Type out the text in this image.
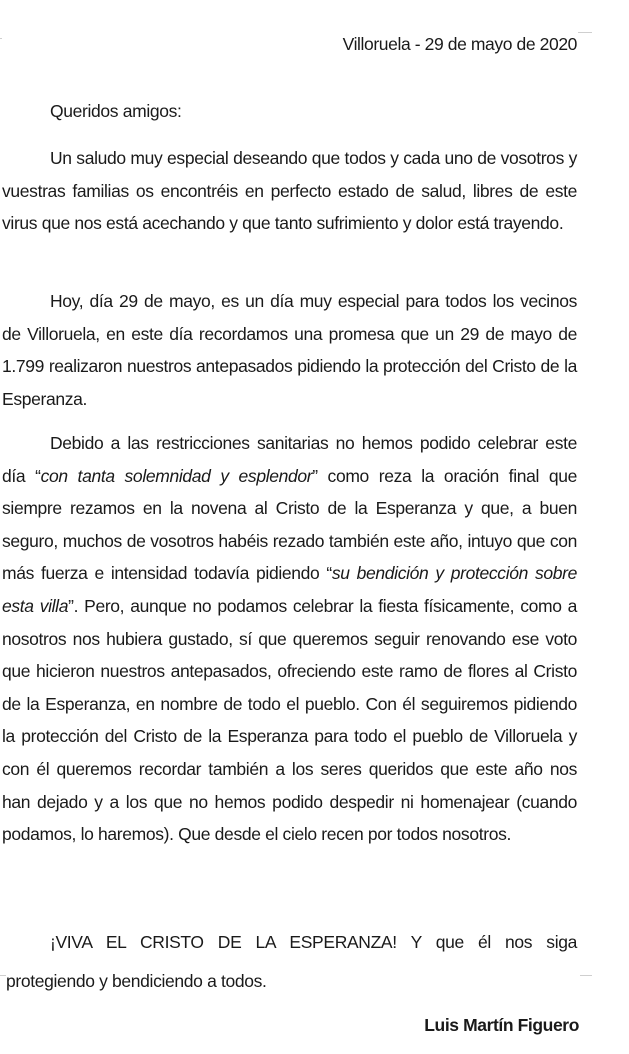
Villoruela - 29 de mayo de 2020
Queridos amigos:

Un saludo muy especial deseando que todos y cada uno de vosotros y vuestras familias os encontréis en perfecto estado de salud, libres de este virus que nos está acechando y que tanto sufrimiento y dolor está trayendo.

Hoy, día 29 de mayo, es un día muy especial para todos los vecinos de Villoruela, en este día recordamos una promesa que un 29 de mayo de 1.799 realizaron nuestros antepasados pidiendo la protección del Cristo de la Esperanza.

Debido a las restricciones sanitarias no hemos podido celebrar este día “con tanta solemnidad y esplendor” como reza la oración final que siempre rezamos en la novena al Cristo de la Esperanza y que, a buen seguro, muchos de vosotros habéis rezado también este año, intuyo que con más fuerza e intensidad todavía pidiendo “su bendición y protección sobre esta villa”. Pero, aunque no podamos celebrar la fiesta físicamente, como a nosotros nos hubiera gustado, sí que queremos seguir renovando ese voto que hicieron nuestros antepasados, ofreciendo este ramo de flores al Cristo de la Esperanza, en nombre de todo el pueblo. Con él seguiremos pidiendo la protección del Cristo de la Esperanza para todo el pueblo de Villoruela y con él queremos recordar también a los seres queridos que este año nos han dejado y a los que no hemos podido despedir ni homenajear (cuando podamos, lo haremos). Que desde el cielo recen por todos nosotros.

¡VIVA EL CRISTO DE LA ESPERANZA! Y que él nos siga

protegiendo y bendiciendo a todos.
Luis Martín Figuero
